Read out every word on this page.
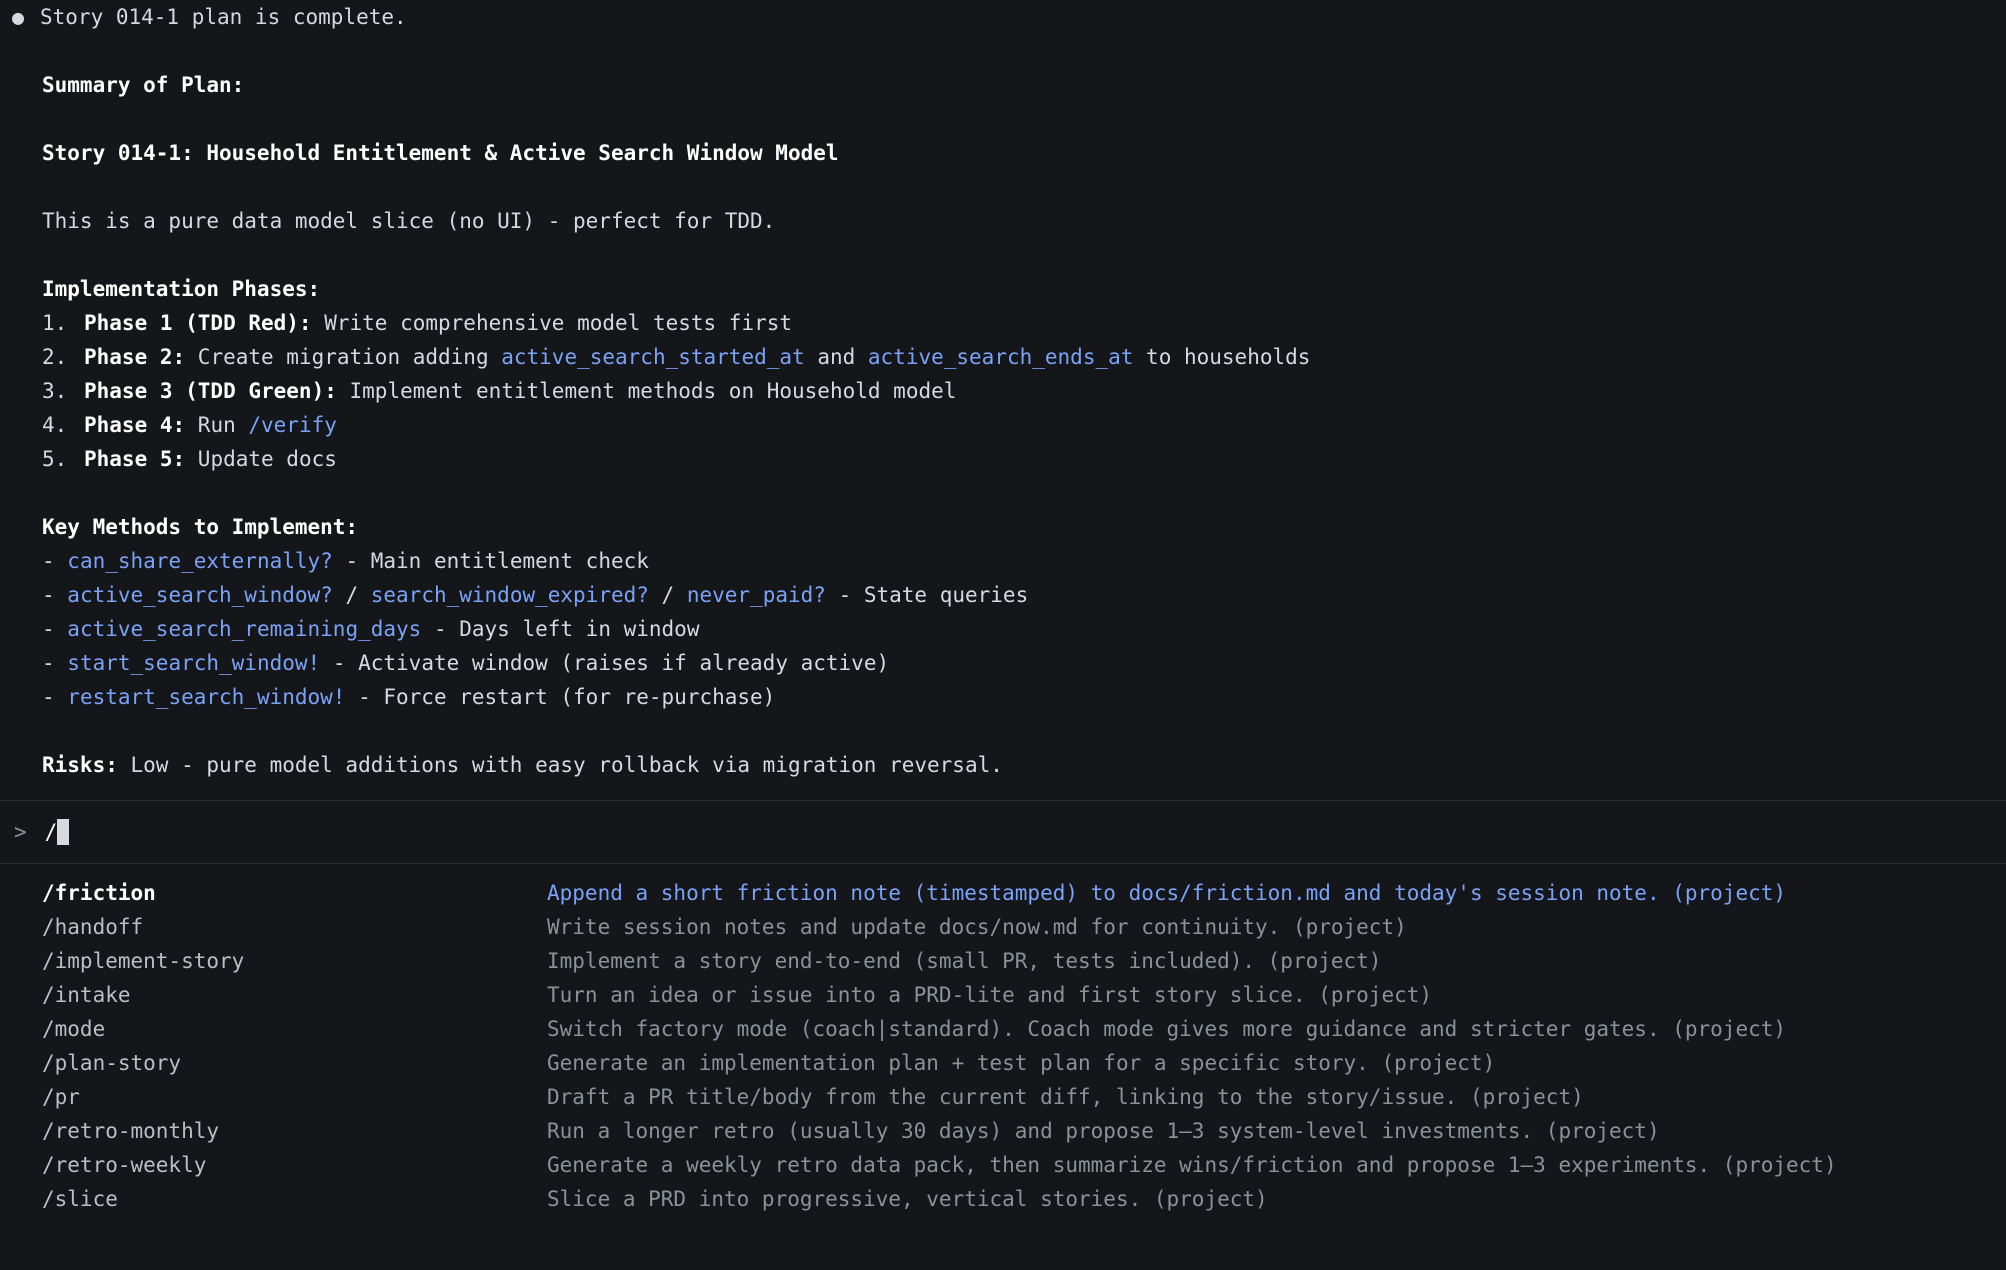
● Story 014-1 plan is complete.
Summary of Plan:
Story 014-1: Household Entitlement & Active Search Window Model
This is a pure data model slice (no UI) - perfect for TDD.
Implementation Phases:
1. Phase 1 (TDD Red): Write comprehensive model tests first
2. Phase 2: Create migration adding active_search_started_at and active_search_ends_at to households
3. Phase 3 (TDD Green): Implement entitlement methods on Household model
4. Phase 4: Run /verify
5. Phase 5: Update docs
Key Methods to Implement:
- can_share_externally? - Main entitlement check
- active_search_window? / search_window_expired? / never_paid? - State queries
- active_search_remaining_days - Days left in window
- start_search_window! - Activate window (raises if already active)
- restart_search_window! - Force restart (for re-purchase)
Risks: Low - pure model additions with easy rollback via migration reversal.
> /
/friction	Append a short friction note (timestamped) to docs/friction.md and today's session note. (project)
/handoff	Write session notes and update docs/now.md for continuity. (project)
/implement-story	Implement a story end-to-end (small PR, tests included). (project)
/intake	Turn an idea or issue into a PRD-lite and first story slice. (project)
/mode	Switch factory mode (coach|standard). Coach mode gives more guidance and stricter gates. (project)
/plan-story	Generate an implementation plan + test plan for a specific story. (project)
/pr	Draft a PR title/body from the current diff, linking to the story/issue. (project)
/retro-monthly	Run a longer retro (usually 30 days) and propose 1–3 system-level investments. (project)
/retro-weekly	Generate a weekly retro data pack, then summarize wins/friction and propose 1–3 experiments. (project)
/slice	Slice a PRD into progressive, vertical stories. (project)
